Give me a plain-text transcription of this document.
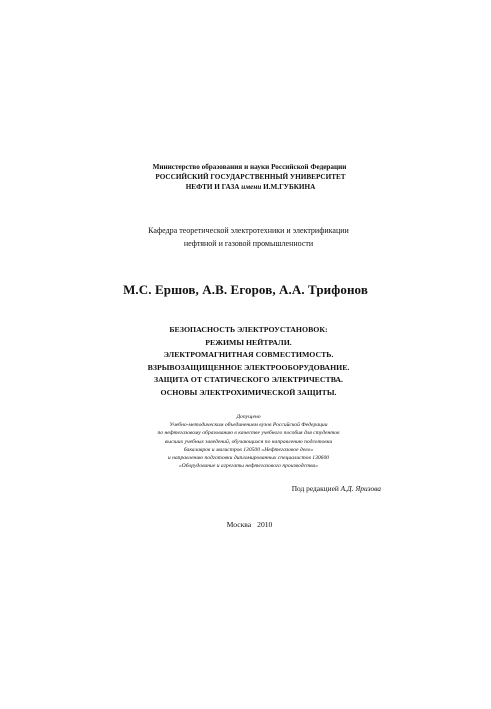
Министерство образования и науки Российской Федерации
РОССИЙСКИЙ ГОСУДАРСТВЕННЫЙ УНИВЕРСИТЕТ
НЕФТИ И ГАЗА имени И.М.ГУБКИНА
Кафедра теоретической электротехники и электрификации
нефтяной и газовой промышленности
М.С. Ершов, А.В. Егоров, А.А. Трифонов
БЕЗОПАСНОСТЬ ЭЛЕКТРОУСТАНОВОК:
РЕЖИМЫ НЕЙТРАЛИ.
ЭЛЕКТРОМАГНИТНАЯ СОВМЕСТИМОСТЬ.
ВЗРЫВОЗАЩИЩЕННОЕ ЭЛЕКТРООБОРУДОВАНИЕ.
ЗАЩИТА ОТ СТАТИЧЕСКОГО ЭЛЕКТРИЧЕСТВА.
ОСНОВЫ ЭЛЕКТРОХИМИЧЕСКОЙ ЗАЩИТЫ.
Допущено
Учебно-методическим объединением вузов Российской Федерации
по нефтегазовому образованию в качестве учебного пособия для студентов
высших учебных заведений, обучающихся по направлению подготовки
бакалавров и магистров 130500 «Нефтегазовое дело»
и направлению подготовки дипломированных специалистов 130600
«Оборудование и агрегаты нефтегазового производства»
Под редакцией А.Д. Яризова
Москва 2010
